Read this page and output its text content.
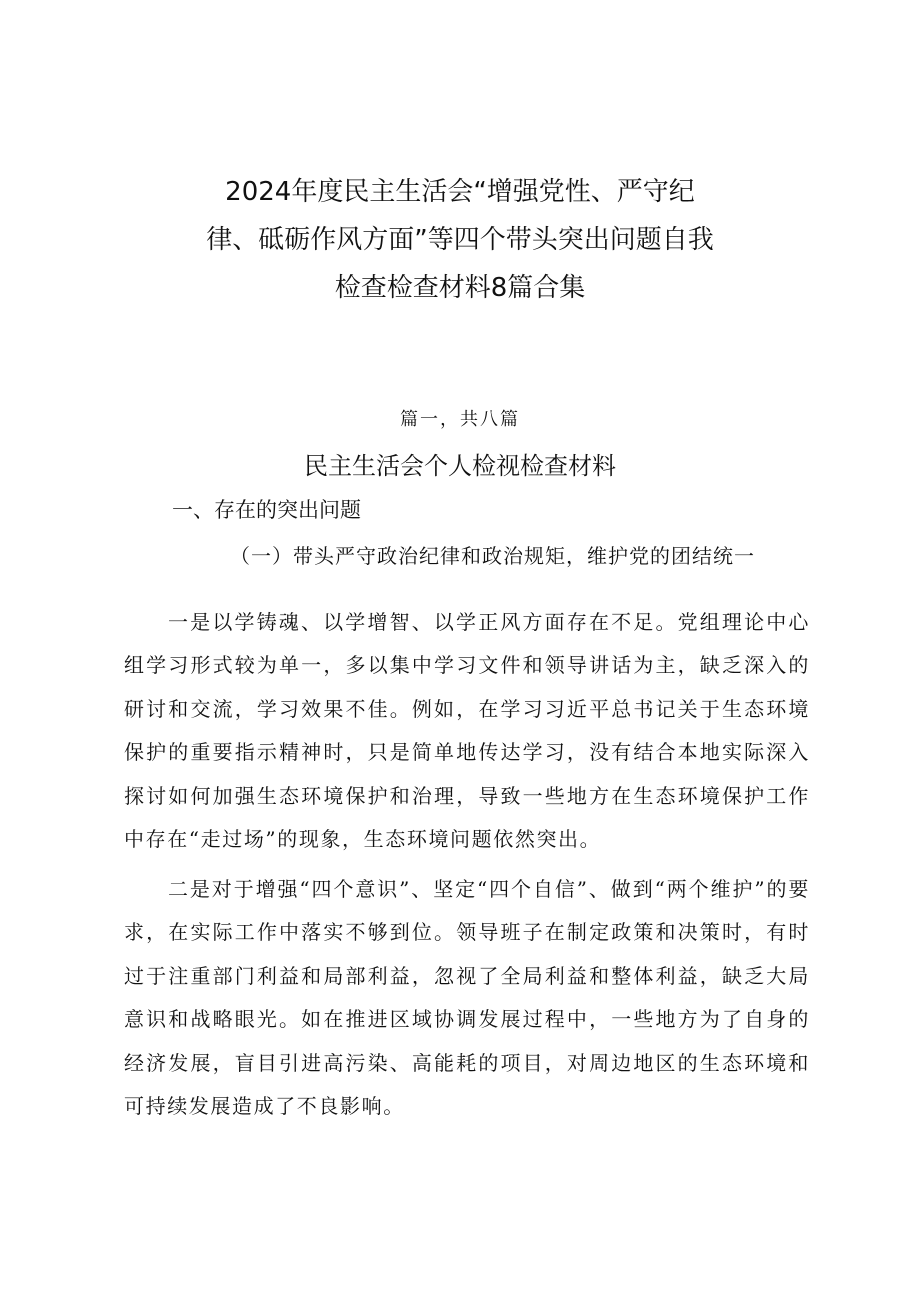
2024年度民主生活会“增强党性、严守纪
律、砥砺作风方面”等四个带头突出问题自我
检查检查材料8篇合集
篇一，共八篇
民主生活会个人检视检查材料
一、存在的突出问题
（一）带头严守政治纪律和政治规矩，维护党的团结统一

一是以学铸魂、以学增智、以学正风方面存在不足。党组理论中心组学习形式较为单一，多以集中学习文件和领导讲话为主，缺乏深入的研讨和交流，学习效果不佳。例如，在学习习近平总书记关于生态环境保护的重要指示精神时，只是简单地传达学习，没有结合本地实际深入探讨如何加强生态环境保护和治理，导致一些地方在生态环境保护工作中存在“走过场”的现象，生态环境问题依然突出。

二是对于增强“四个意识”、坚定“四个自信”、做到“两个维护”的要求，在实际工作中落实不够到位。领导班子在制定政策和决策时，有时过于注重部门利益和局部利益，忽视了全局利益和整体利益，缺乏大局意识和战略眼光。如在推进区域协调发展过程中，一些地方为了自身的经济发展，盲目引进高污染、高能耗的项目，对周边地区的生态环境和可持续发展造成了不良影响。
